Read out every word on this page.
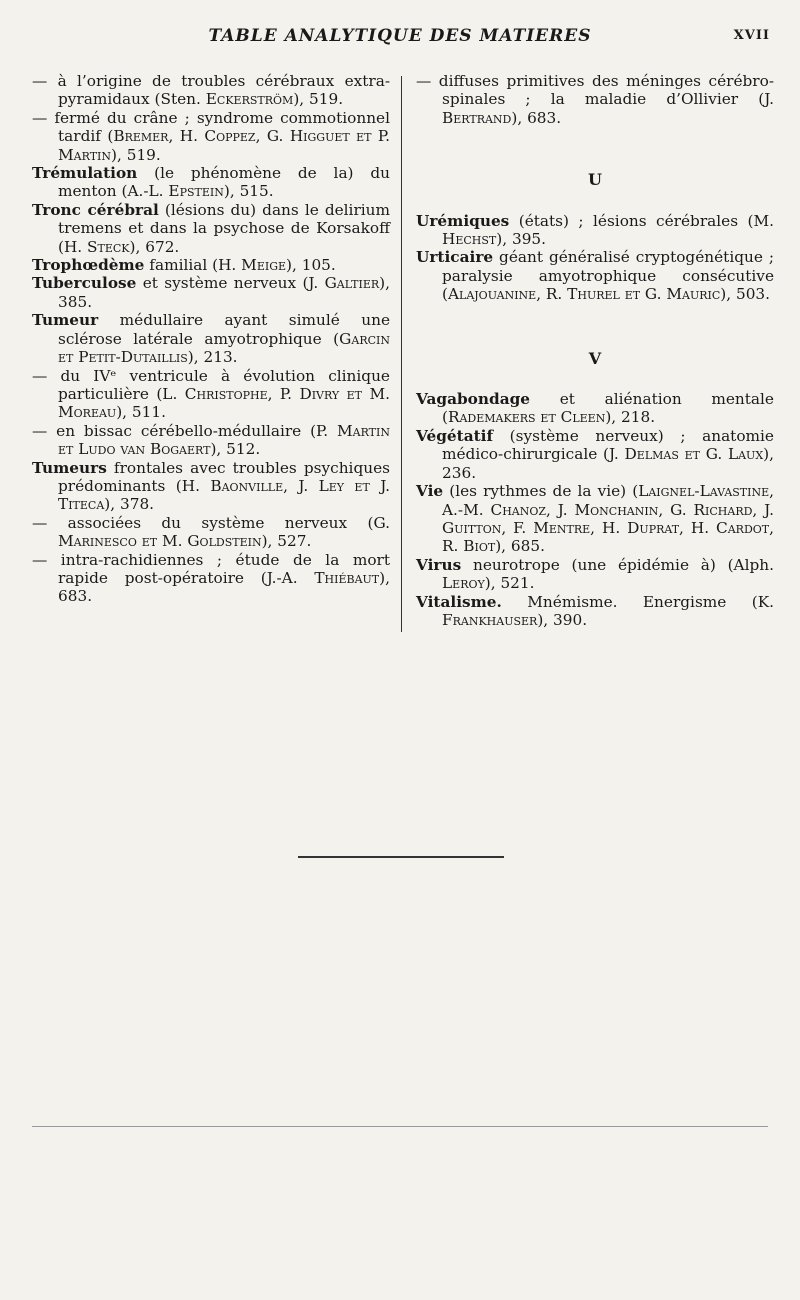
TABLE ANALYTIQUE DES MATIERES	XVII

— à l’origine de troubles cérébraux extra-pyramidaux (Sten. Eckerström), 519.

— fermé du crâne ; syndrome commotionnel tardif (Bremer, H. Coppez, G. Higguet et P. Martin), 519.

Trémulation (le phénomène de la) du menton (A.-L. Epstein), 515.

Tronc cérébral (lésions du) dans le delirium tremens et dans la psychose de Korsakoff (H. Steck), 672.

Trophœdème familial (H. Meige), 105.

Tuberculose et système nerveux (J. Galtier), 385.

Tumeur médullaire ayant simulé une sclérose latérale amyotrophique (Garcin et Petit-Dutaillis), 213.

— du IVᵉ ventricule à évolution clinique particulière (L. Christophe, P. Divry et M. Moreau), 511.

— en bissac cérébello-médullaire (P. Martin et Ludo van Bogaert), 512.

Tumeurs frontales avec troubles psychiques prédominants (H. Baonville, J. Ley et J. Titeca), 378.

— associées du système nerveux (G. Marinesco et M. Goldstein), 527.

— intra-rachidiennes ; étude de la mort rapide post-opératoire (J.-A. Thiébaut), 683.

— diffuses primitives des méninges cérébro-spinales ; la maladie d’Ollivier (J. Bertrand), 683.

U

Urémiques (états) ; lésions cérébrales (M. Hechst), 395.

Urticaire géant généralisé cryptogénétique ; paralysie amyotrophique consécutive (Alajouanine, R. Thurel et G. Mauric), 503.

V

Vagabondage et aliénation mentale (Rademakers et Cleen), 218.

Végétatif (système nerveux) ; anatomie médico-chirurgicale (J. Delmas et G. Laux), 236.

Vie (les rythmes de la vie) (Laignel-Lavastine, A.-M. Chanoz, J. Monchanin, G. Richard, J. Guitton, F. Mentre, H. Duprat, H. Cardot, R. Biot), 685.

Virus neurotrope (une épidémie à) (Alph. Leroy), 521.

Vitalisme. Mnémisme. Energisme (K. Frankhauser), 390.
